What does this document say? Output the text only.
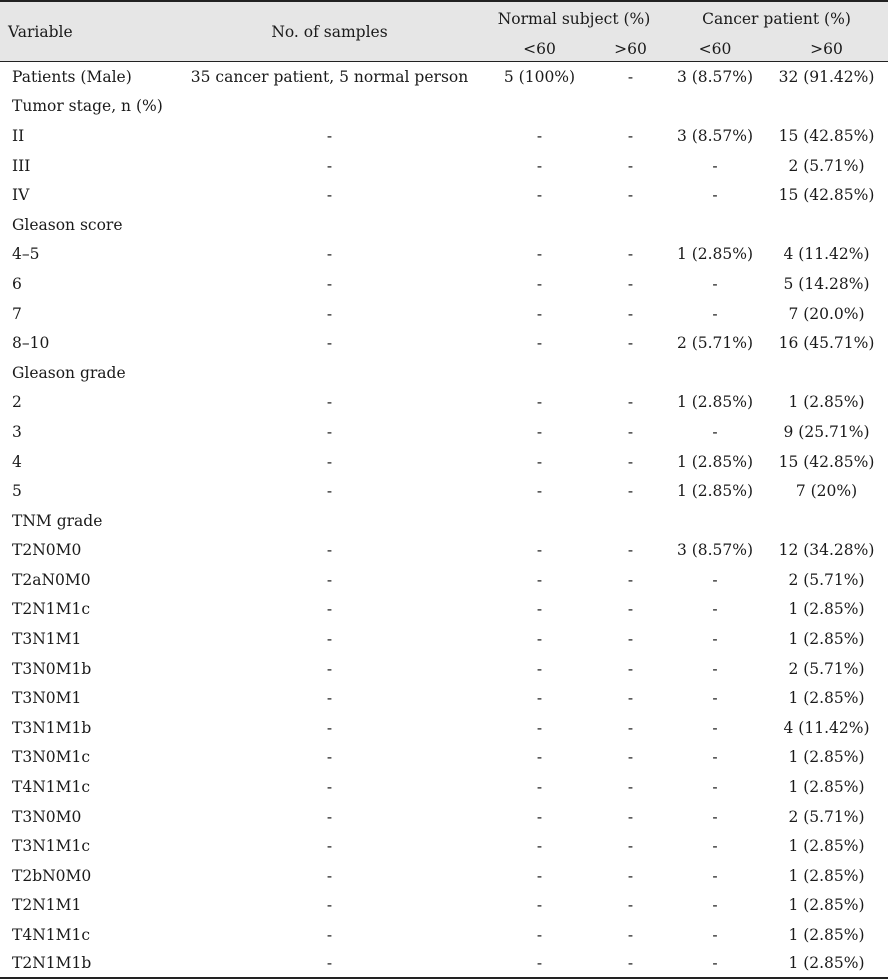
Variable	No. of samples	Normal subject (%)		Cancer patient (%)	
		<60	>60	<60	>60
Patients (Male)	35 cancer patient, 5 normal person	5 (100%)	-	3 (8.57%)	32 (91.42%)
Tumor stage, n (%)					
II	-	-	-	3 (8.57%)	15 (42.85%)
III	-	-	-	-	2 (5.71%)
IV	-	-	-	-	15 (42.85%)
Gleason score					
4–5	-	-	-	1 (2.85%)	4 (11.42%)
6	-	-	-	-	5 (14.28%)
7	-	-	-	-	7 (20.0%)
8–10	-	-	-	2 (5.71%)	16 (45.71%)
Gleason grade					
2	-	-	-	1 (2.85%)	1 (2.85%)
3	-	-	-	-	9 (25.71%)
4	-	-	-	1 (2.85%)	15 (42.85%)
5	-	-	-	1 (2.85%)	7 (20%)
TNM grade					
T2N0M0	-	-	-	3 (8.57%)	12 (34.28%)
T2aN0M0	-	-	-	-	2 (5.71%)
T2N1M1c	-	-	-	-	1 (2.85%)
T3N1M1	-	-	-	-	1 (2.85%)
T3N0M1b	-	-	-	-	2 (5.71%)
T3N0M1	-	-	-	-	1 (2.85%)
T3N1M1b	-	-	-	-	4 (11.42%)
T3N0M1c	-	-	-	-	1 (2.85%)
T4N1M1c	-	-	-	-	1 (2.85%)
T3N0M0	-	-	-	-	2 (5.71%)
T3N1M1c	-	-	-	-	1 (2.85%)
T2bN0M0	-	-	-	-	1 (2.85%)
T2N1M1	-	-	-	-	1 (2.85%)
T4N1M1c	-	-	-	-	1 (2.85%)
T2N1M1b	-	-	-	-	1 (2.85%)
